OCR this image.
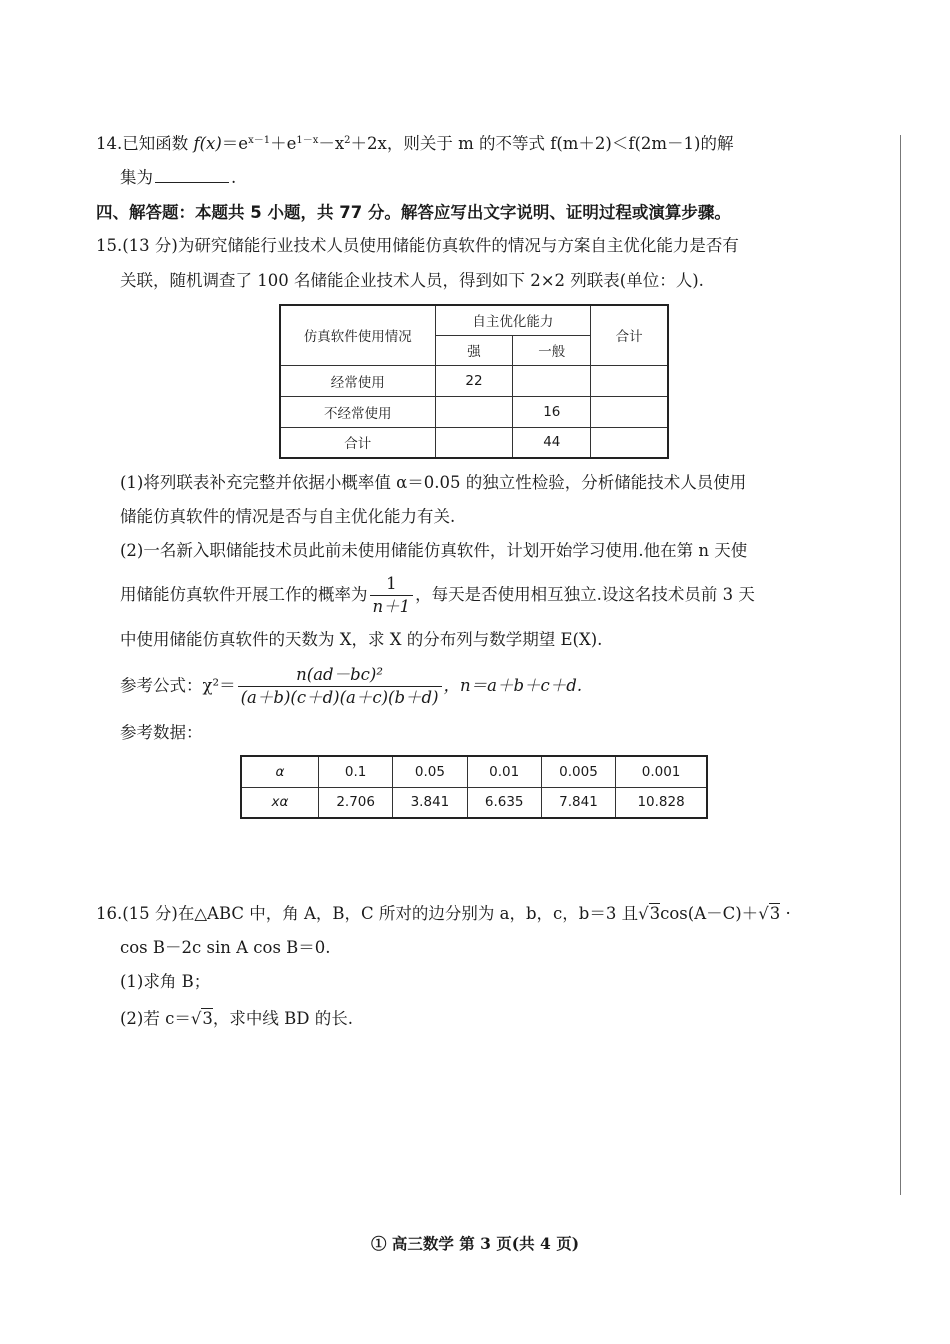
14.已知函数 $f(x)=e^{x-1}+e^{1-x}-x^2+2x$，则关于 m 的不等式 f(m＋2)＜f(2m－1)的解
集为	.
四、解答题：本题共 5 小题，共 77 分。解答应写出文字说明、证明过程或演算步骤。
15.(13 分)为研究储能行业技术人员使用储能仿真软件的情况与方案自主优化能力是否有
关联，随机调查了 100 名储能企业技术人员，得到如下 2×2 列联表(单位：人).
仿真软件使用情况	自主优化能力		合计
	强	一般	
经常使用	22		
不经常使用		16	
合计		44	
(1)将列联表补充完整并依据小概率值 α＝0.05 的独立性检验，分析储能技术人员使用
储能仿真软件的情况是否与自主优化能力有关.
(2)一名新入职储能技术员此前未使用储能仿真软件，计划开始学习使用.他在第 n 天使
用储能仿真软件开展工作的概率为 $\frac{1}{n+1}$ ，每天是否使用相互独立.设这名技术员前 3 天
中使用储能仿真软件的天数为 X，求 X 的分布列与数学期望 E(X).
参考公式：$\chi^2= \frac{\text{n(ad－bc)²}}{(a+b)(c+d)(a+c)(b+d)}$ ，n＝a＋b＋c＋d.
参考数据：
α	0.1	0.05	0.01	0.005	0.001
xα	2.706	3.841	6.635	7.841	10.828
16.(15 分)在△ABC 中，角 A，B，C 所对的边分别为 a，b，c，b＝3 且√3cos(A－C)＋√3 ·
cos B－2c sin A cos B＝0.
(1)求角 B；
(2)若 c＝√3，求中线 BD 的长.
① 高三数学 第 3 页(共 4 页)
